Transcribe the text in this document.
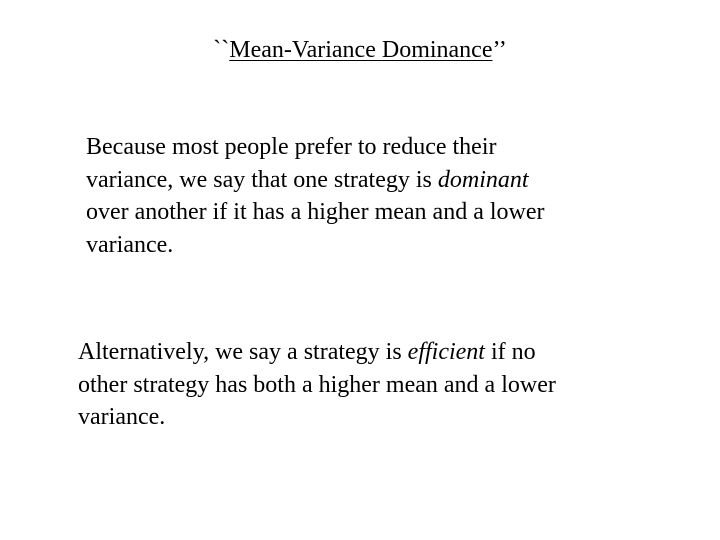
``Mean-Variance Dominance’’

Because most people prefer to reduce their
variance, we say that one strategy is dominant
over another if it has a higher mean and a lower
variance.

Alternatively, we say a strategy is efficient if no
other strategy has both a higher mean and a lower
variance.
